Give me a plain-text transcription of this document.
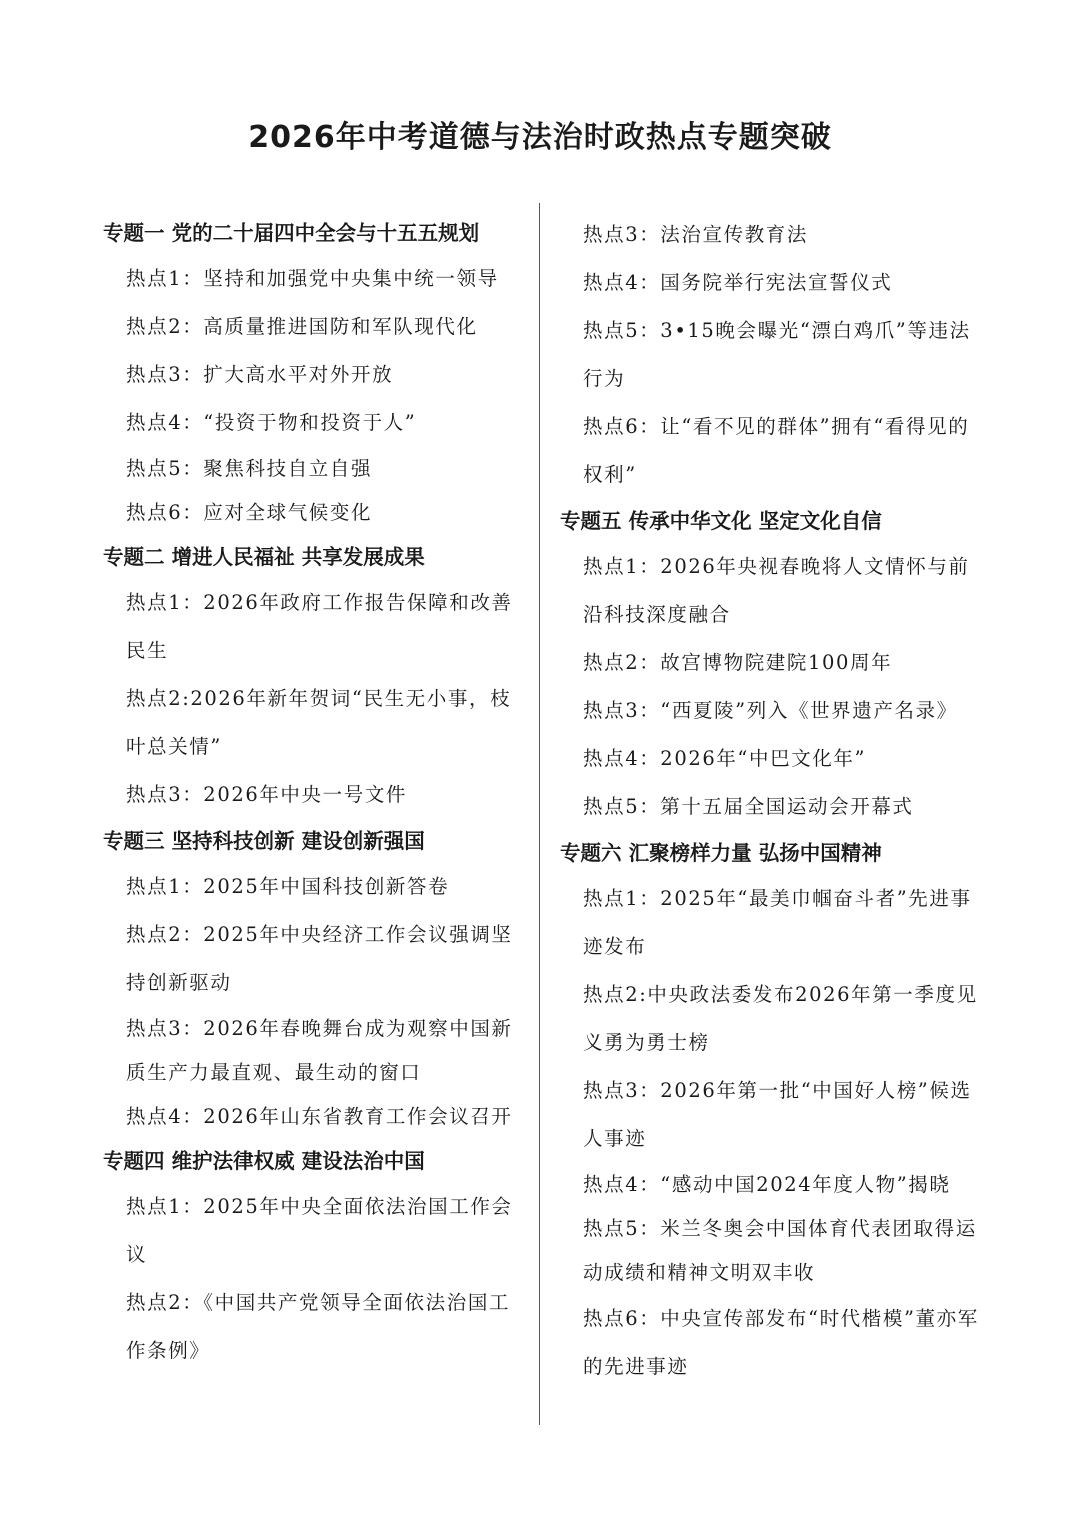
2026年中考道德与法治时政热点专题突破
专题一 党的二十届四中全会与十五五规划
热点1：坚持和加强党中央集中统一领导
热点2：高质量推进国防和军队现代化
热点3：扩大高水平对外开放
热点4：“投资于物和投资于人”
热点5：聚焦科技自立自强
热点6：应对全球气候变化
专题二 增进人民福祉 共享发展成果
热点1：2026年政府工作报告保障和改善民生
热点2:2026年新年贺词“民生无小事，枝叶总关情”
热点3：2026年中央一号文件
专题三 坚持科技创新 建设创新强国
热点1：2025年中国科技创新答卷
热点2：2025年中央经济工作会议强调坚持创新驱动
热点3：2026年春晚舞台成为观察中国新质生产力最直观、最生动的窗口
热点4：2026年山东省教育工作会议召开
专题四 维护法律权威 建设法治中国
热点1：2025年中央全面依法治国工作会议
热点2：《中国共产党领导全面依法治国工作条例》
热点3：法治宣传教育法
热点4：国务院举行宪法宣誓仪式
热点5：3•15晚会曝光“漂白鸡爪”等违法行为
热点6：让“看不见的群体”拥有“看得见的权利”
专题五 传承中华文化 坚定文化自信
热点1：2026年央视春晚将人文情怀与前沿科技深度融合
热点2：故宫博物院建院100周年
热点3：“西夏陵”列入《世界遗产名录》
热点4：2026年“中巴文化年”
热点5：第十五届全国运动会开幕式
专题六 汇聚榜样力量 弘扬中国精神
热点1：2025年“最美巾帼奋斗者”先进事迹发布
热点2:中央政法委发布2026年第一季度见义勇为勇士榜
热点3：2026年第一批“中国好人榜”候选人事迹
热点4：“感动中国2024年度人物”揭晓
热点5：米兰冬奥会中国体育代表团取得运动成绩和精神文明双丰收
热点6：中央宣传部发布“时代楷模”董亦军的先进事迹
